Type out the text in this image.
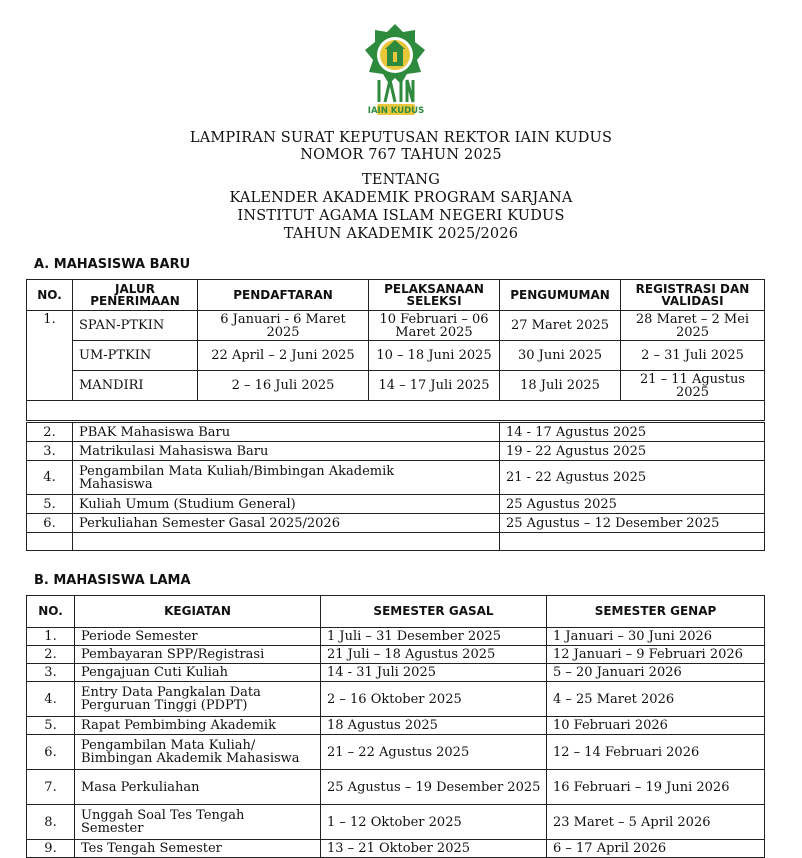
IAIN KUDUS
LAMPIRAN SURAT KEPUTUSAN REKTOR IAIN KUDUS
NOMOR 767 TAHUN 2025
TENTANG
KALENDER AKADEMIK PROGRAM SARJANA
INSTITUT AGAMA ISLAM NEGERI KUDUS
TAHUN AKADEMIK 2025/2026
A. MAHASISWA BARU
NO.	JALUR PENERIMAAN	PENDAFTARAN	PELAKSANAAN SELEKSI	PENGUMUMAN	REGISTRASI DAN VALIDASI
1.	SPAN-PTKIN	6 Januari - 6 Maret 2025	10 Februari – 06 Maret 2025	27 Maret 2025	28 Maret – 2 Mei 2025
	UM-PTKIN	22 April – 2 Juni 2025	10 – 18 Juni 2025	30 Juni 2025	2 – 31 Juli 2025
	MANDIRI	2 – 16 Juli 2025	14 – 17 Juli 2025	18 Juli 2025	21 – 11 Agustus 2025

2.	PBAK Mahasiswa Baru	14 - 17 Agustus 2025
3.	Matrikulasi Mahasiswa Baru	19 - 22 Agustus 2025
4.	Pengambilan Mata Kuliah/Bimbingan Akademik Mahasiswa	21 - 22 Agustus 2025
5.	Kuliah Umum (Studium General)	25 Agustus 2025
6.	Perkuliahan Semester Gasal 2025/2026	25 Agustus – 12 Desember 2025

B. MAHASISWA LAMA
NO.	KEGIATAN	SEMESTER GASAL	SEMESTER GENAP
1.	Periode Semester	1 Juli – 31 Desember 2025	1 Januari – 30 Juni 2026
2.	Pembayaran SPP/Registrasi	21 Juli – 18 Agustus 2025	12 Januari – 9 Februari 2026
3.	Pengajuan Cuti Kuliah	14 - 31 Juli 2025	5 – 20 Januari 2026
4.	Entry Data Pangkalan Data Perguruan Tinggi (PDPT)	2 – 16 Oktober 2025	4 – 25 Maret 2026
5.	Rapat Pembimbing Akademik	18 Agustus 2025	10 Februari 2026
6.	Pengambilan Mata Kuliah/ Bimbingan Akademik Mahasiswa	21 – 22 Agustus 2025	12 – 14 Februari 2026
7.	Masa Perkuliahan	25 Agustus – 19 Desember 2025	16 Februari – 19 Juni 2026
8.	Unggah Soal Tes Tengah Semester	1 – 12 Oktober 2025	23 Maret – 5 April 2026
9.	Tes Tengah Semester	13 – 21 Oktober 2025	6 – 17 April 2026
